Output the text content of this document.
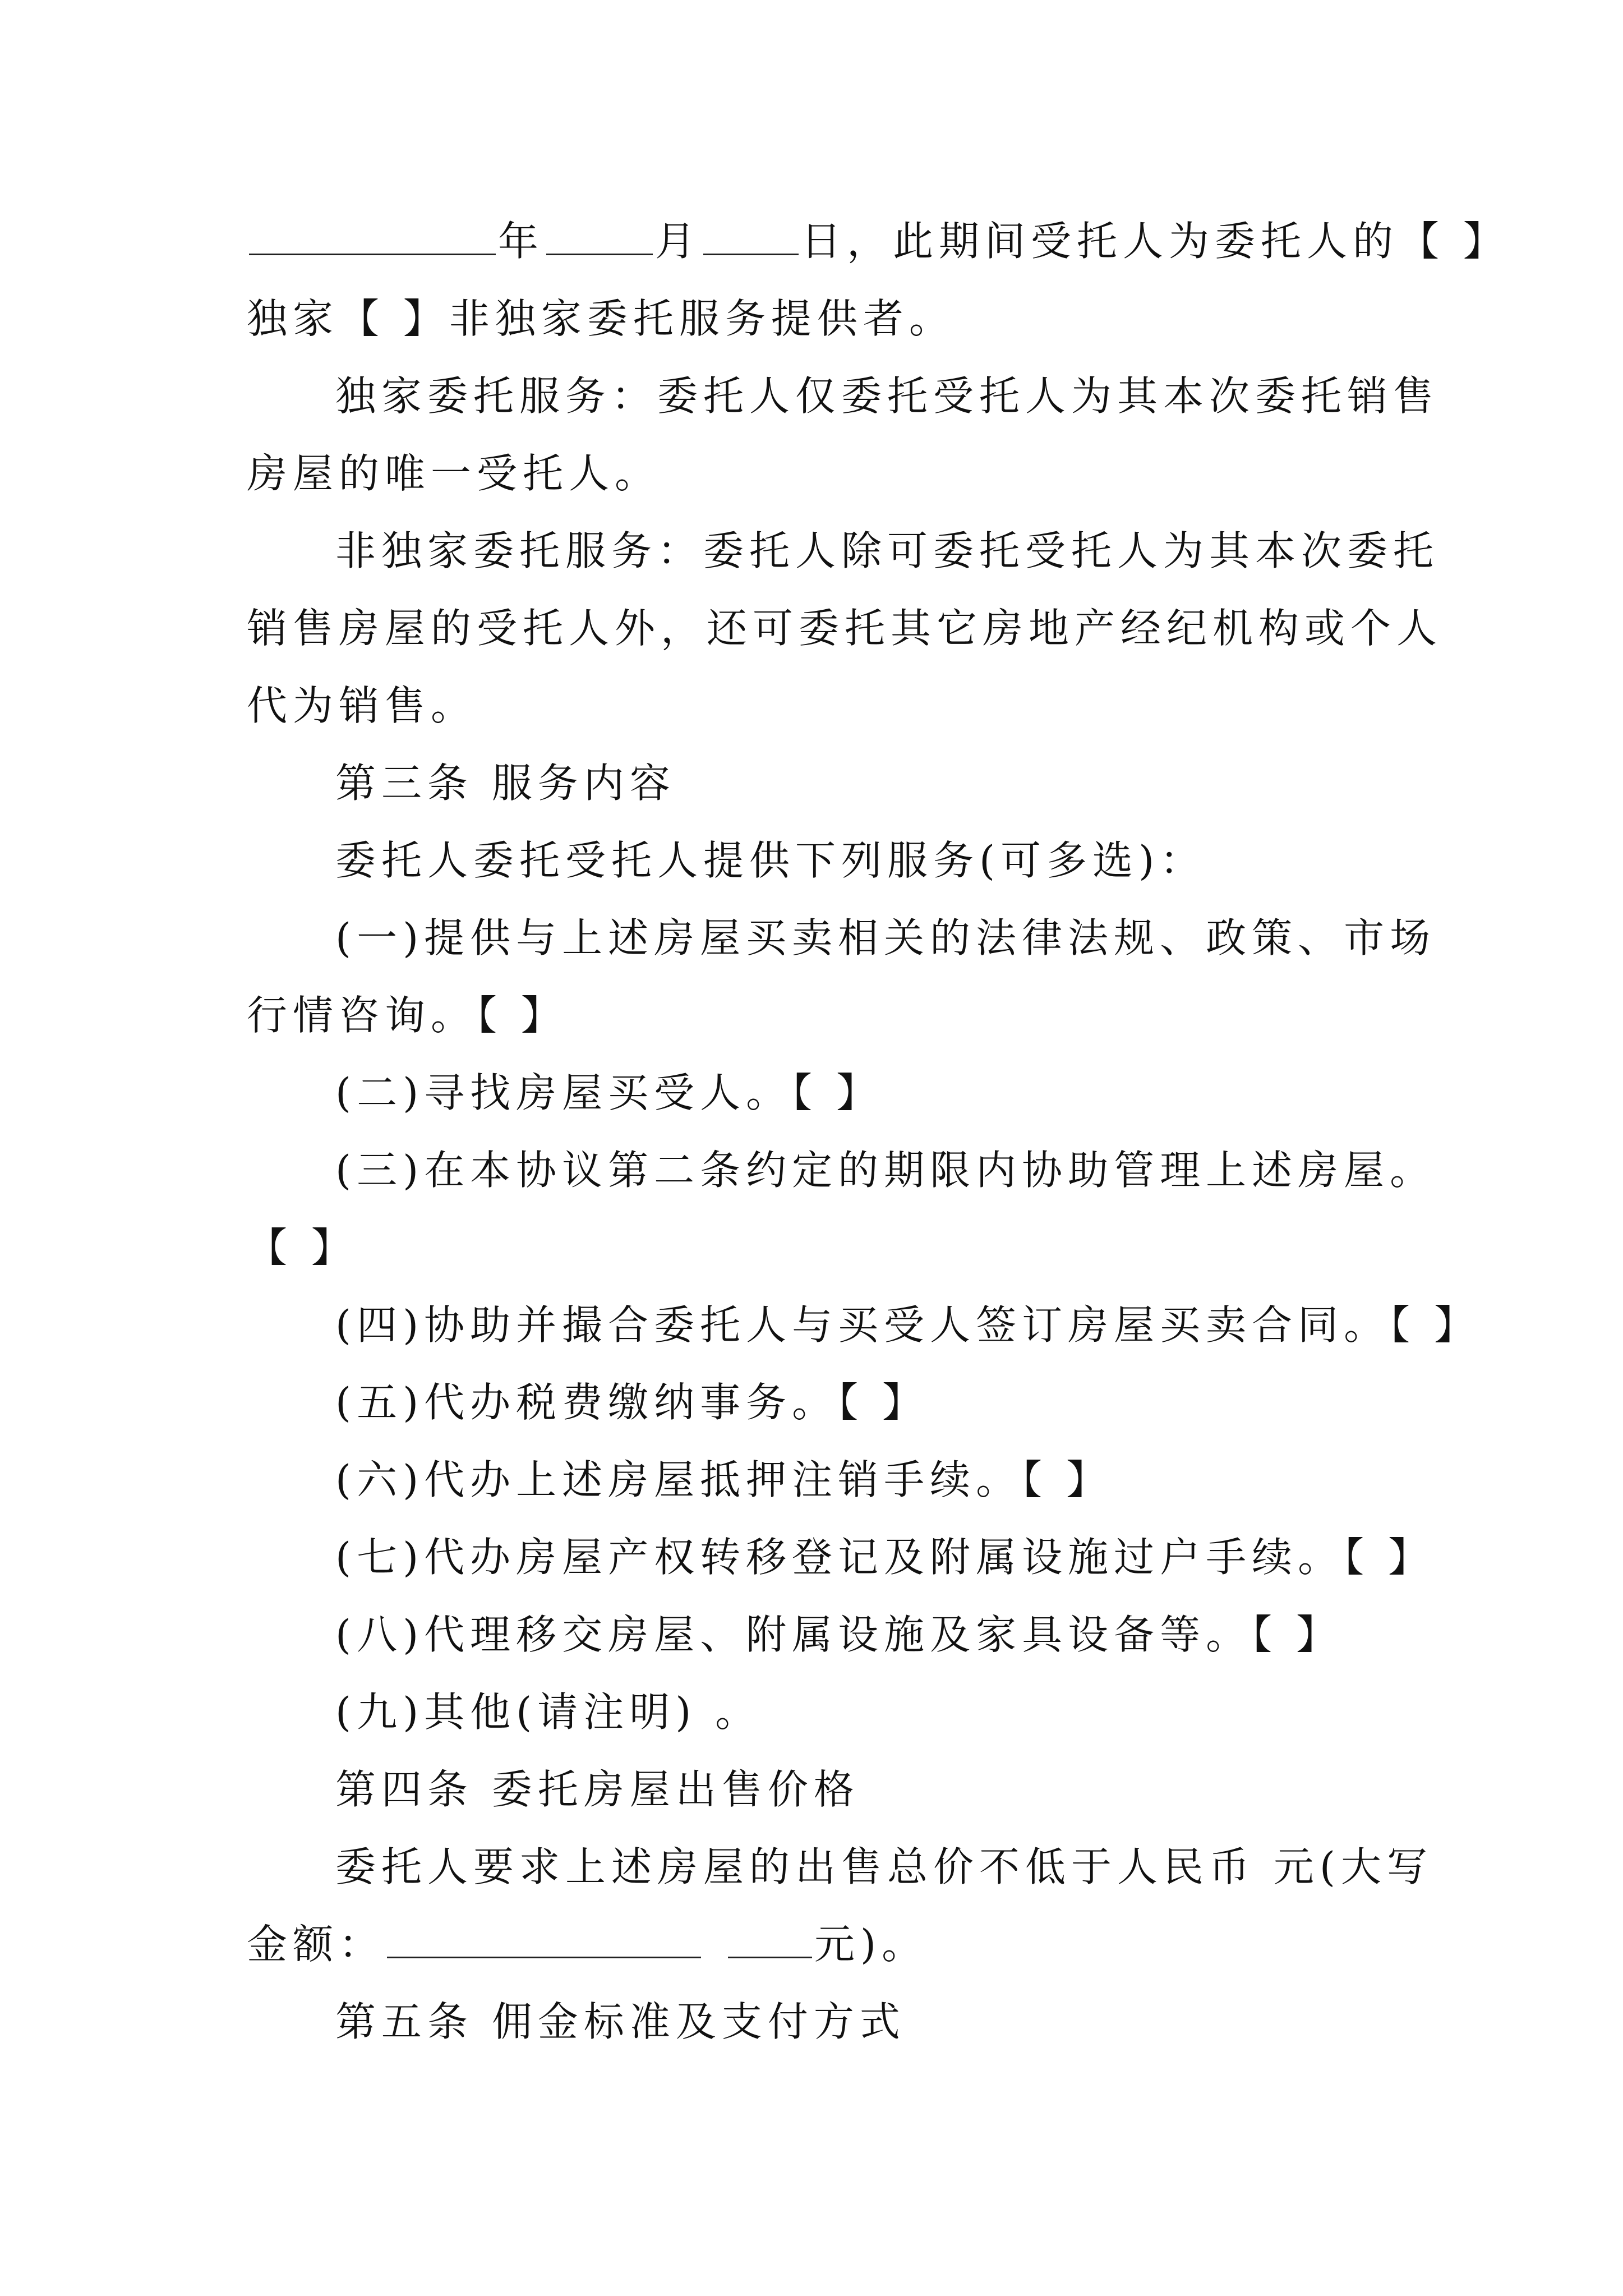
年	月 日，此期间受托人为委托人的【 】
独家【 】非独家委托服务提供者。
独家委托服务：委托人仅委托受托人为其本次委托销售
房屋的唯一受托人。
非独家委托服务：委托人除可委托受托人为其本次委托
销售房屋的受托人外，还可委托其它房地产经纪机构或个人
代为销售。
第三条 服务内容
委托人委托受托人提供下列服务(可多选)：
(一)提供与上述房屋买卖相关的法律法规、政策、市场
行情咨询。【 】
(二)寻找房屋买受人。【 】
(三)在本协议第二条约定的期限内协助管理上述房屋。
【 】
(四)协助并撮合委托人与买受人签订房屋买卖合同。【 】
(五)代办税费缴纳事务。【 】
(六)代办上述房屋抵押注销手续。【 】
(七)代办房屋产权转移登记及附属设施过户手续。【 】
(八)代理移交房屋、附属设施及家具设备等。【 】
(九)其他(请注明) 。
第四条 委托房屋出售价格
委托人要求上述房屋的出售总价不低于人民币 元(大写
金额：	元)。
第五条 佣金标准及支付方式
